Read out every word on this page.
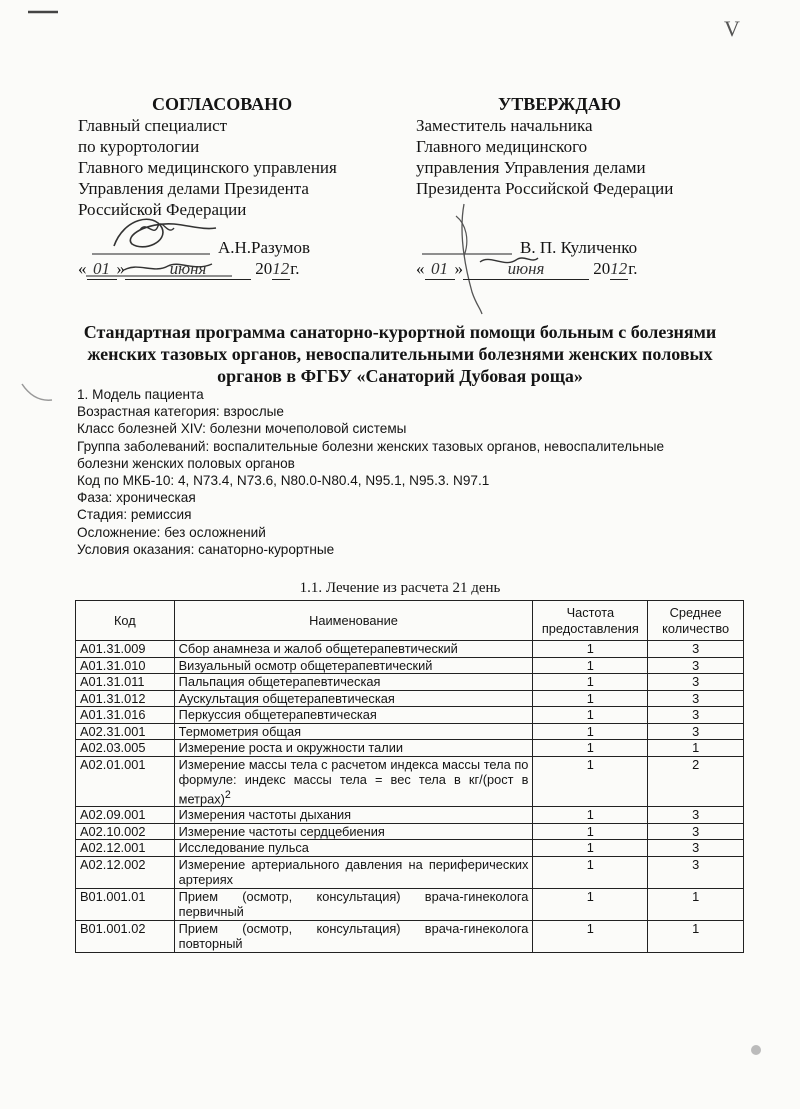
V
СОГЛАСОВАНО
Главный специалист
по курортологии
Главного медицинского управления
Управления делами Президента
Российской Федерации
А.Н.Разумов
« 01 »	июня	2012г.
УТВЕРЖДАЮ
Заместитель начальника
Главного медицинского
управления Управления делами
Президента Российской Федерации
В. П. Куличенко
« 01 »	июня	2012г.
Стандартная программа санаторно-курортной помощи больным с болезнями женских тазовых органов, невоспалительными болезнями женских половых органов в ФГБУ «Санаторий Дубовая роща»
1. Модель пациента
Возрастная категория: взрослые
Класс болезней XIV: болезни мочеполовой системы
Группа заболеваний: воспалительные болезни женских тазовых органов, невоспалительные болезни женских половых органов
Код по МКБ-10: 4, N73.4, N73.6, N80.0-N80.4, N95.1, N95.3. N97.1
Фаза: хроническая
Стадия: ремиссия
Осложнение: без осложнений
Условия оказания: санаторно-курортные
1.1. Лечение из расчета 21 день
Код	Наименование	Частота предоставления	Среднее количество
A01.31.009	Сбор анамнеза и жалоб общетерапевтический	1	3
A01.31.010	Визуальный осмотр общетерапевтический	1	3
A01.31.011	Пальпация общетерапевтическая	1	3
A01.31.012	Аускультация общетерапевтическая	1	3
A01.31.016	Перкуссия общетерапевтическая	1	3
A02.31.001	Термометрия общая	1	3
A02.03.005	Измерение роста и окружности талии	1	1
A02.01.001	Измерение массы тела с расчетом индекса массы тела по формуле: индекс массы тела = вес тела в кг/(рост в метрах)$^2$	1	2
A02.09.001	Измерения частоты дыхания	1	3
A02.10.002	Измерение частоты сердцебиения	1	3
A02.12.001	Исследование пульса	1	3
A02.12.002	Измерение артериального давления на периферических артериях	1	3
B01.001.01	Прием (осмотр, консультация) врача-гинеколога первичный	1	1
B01.001.02	Прием (осмотр, консультация) врача-гинеколога повторный	1	1
